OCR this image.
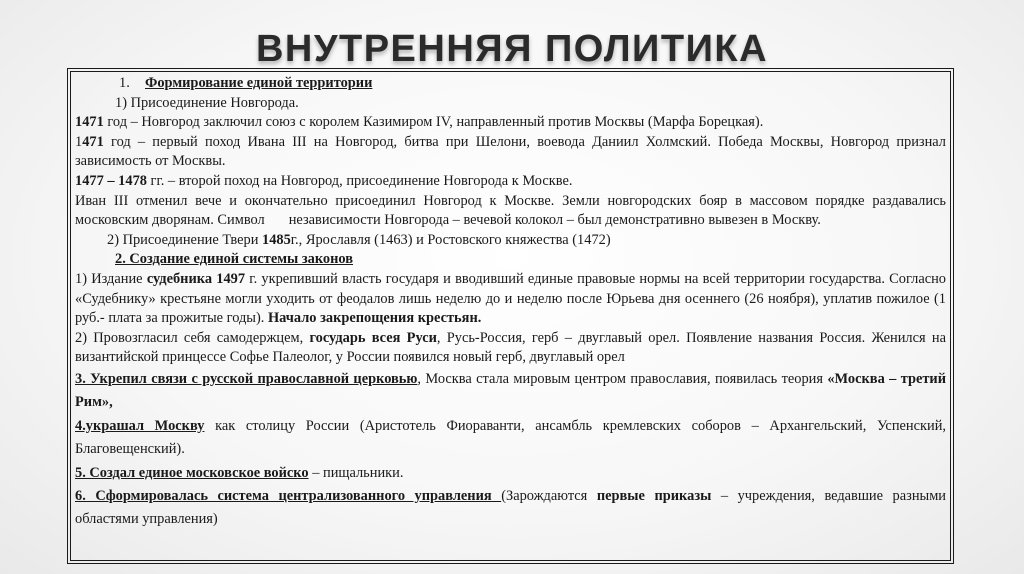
ВНУТРЕННЯЯ ПОЛИТИКА

1. Формирование единой территории

1) Присоединение Новгорода.

1471 год – Новгород заключил союз с королем Казимиром IV, направленный против Москвы (Марфа Борецкая).

1471 год – первый поход Ивана III на Новгород, битва при Шелони, воевода Даниил Холмский. Победа Москвы, Новгород признал зависимость от Москвы.

1477 – 1478 гг. – второй поход на Новгород, присоединение Новгорода к Москве.

Иван III отменил вече и окончательно присоединил Новгород к Москве. Земли новгородских бояр в массовом порядке раздавались московским дворянам. Символ независимости Новгорода – вечевой колокол – был демонстративно вывезен в Москву.

2) Присоединение Твери 1485г., Ярославля (1463) и Ростовского княжества (1472)

2. Создание единой системы законов

1) Издание судебника 1497 г. укрепивший власть государя и вводивший единые правовые нормы на всей территории государства. Согласно «Судебнику» крестьяне могли уходить от феодалов лишь неделю до и неделю после Юрьева дня осеннего (26 ноября), уплатив пожилое (1 руб.- плата за прожитые годы). Начало закрепощения крестьян.

2) Провозгласил себя самодержцем, государь всея Руси, Русь-Россия, герб – двуглавый орел. Появление названия Россия. Женился на византийской принцессе Софье Палеолог, у России появился новый герб, двуглавый орел

3. Укрепил связи с русской православной церковью, Москва стала мировым центром православия, появилась теория «Москва – третий Рим»,

4.украшал Москву как столицу России (Аристотель Фиораванти, ансамбль кремлевских соборов – Архангельский, Успенский, Благовещенский).

5. Создал единое московское войско – пищальники.

6. Сформировалась система централизованного управления (Зарождаются первые приказы – учреждения, ведавшие разными областями управления)
